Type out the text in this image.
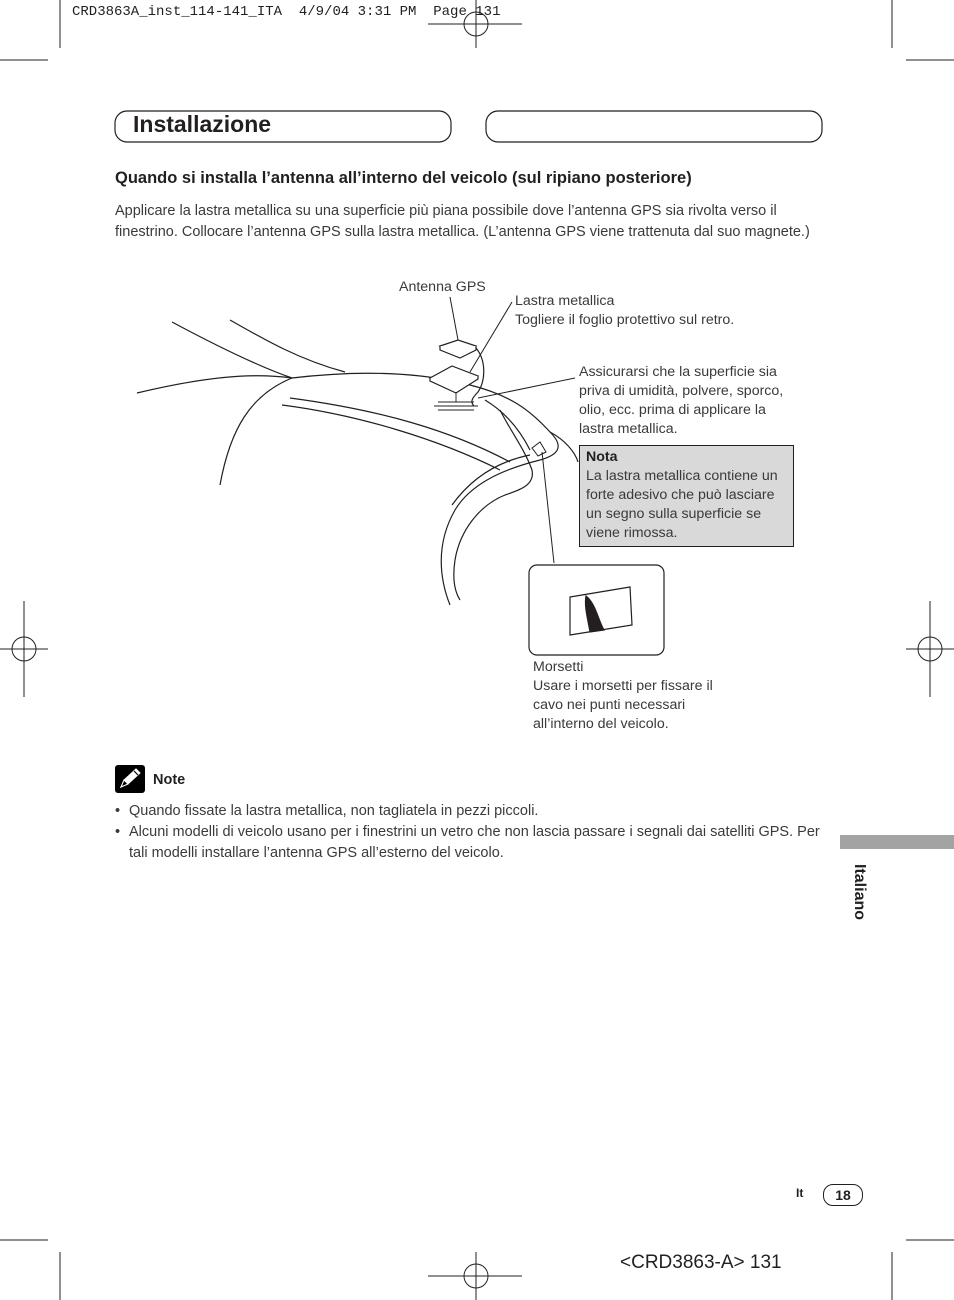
CRD3863A_inst_114-141_ITA  4/9/04 3:31 PM  Page 131
Installazione
Quando si installa l’antenna all’interno del veicolo (sul ripiano posteriore)
Applicare la lastra metallica su una superficie più piana possibile dove l’antenna GPS sia rivolta verso il finestrino. Collocare l’antenna GPS sulla lastra metallica. (L’antenna GPS viene trattenuta dal suo magnete.)
Antenna GPS
Lastra metallica
Togliere il foglio protettivo sul retro.
Assicurarsi che la superficie sia priva di umidità, polvere, sporco, olio, ecc. prima di applicare la lastra metallica.
Nota
La lastra metallica contiene un forte adesivo che può lasciare un segno sulla superficie se viene rimossa.
Morsetti
Usare i morsetti per fissare il cavo nei punti necessari all’interno del veicolo.
Note
• Quando fissate la lastra metallica, non tagliatela in pezzi piccoli.
• Alcuni modelli di veicolo usano per i finestrini un vetro che non lascia passare i segnali dai satelliti GPS. Per tali modelli installare l’antenna GPS all’esterno del veicolo.
Italiano
It	18
<CRD3863-A> 131
